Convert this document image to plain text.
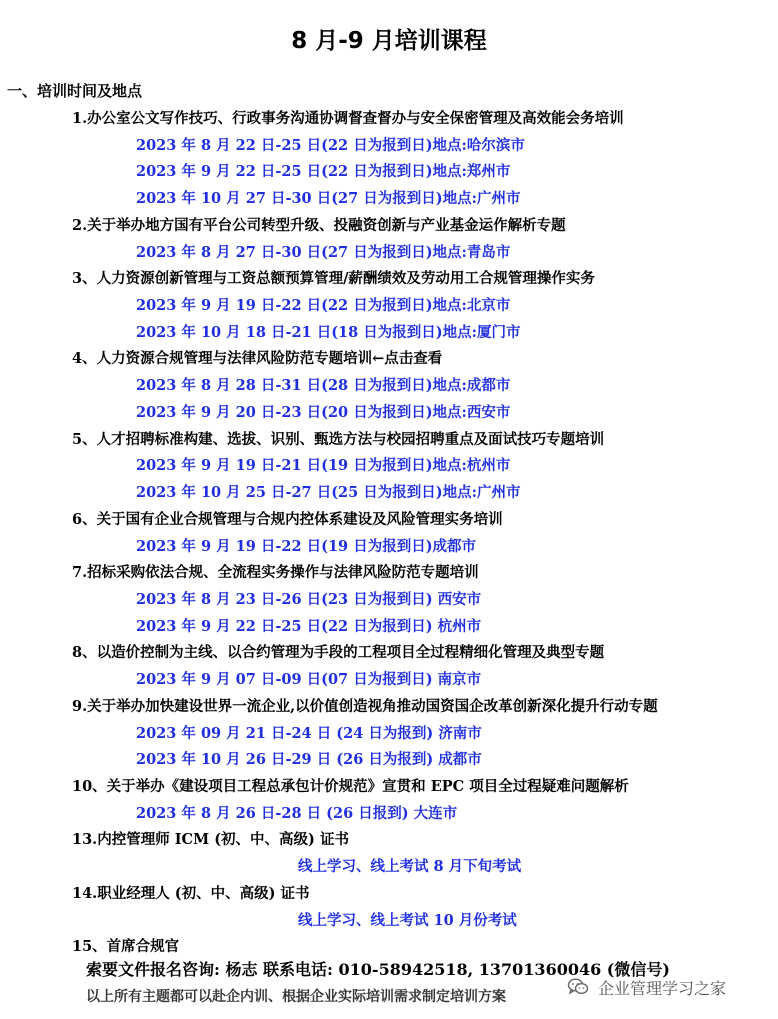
8 月-9 月培训课程
一、培训时间及地点
1.办公室公文写作技巧、行政事务沟通协调督查督办与安全保密管理及高效能会务培训
2023 年 8 月 22 日-25 日(22 日为报到日)地点:哈尔滨市
2023 年 9 月 22 日-25 日(22 日为报到日)地点:郑州市
2023 年 10 月 27 日-30 日(27 日为报到日)地点:广州市
2.关于举办地方国有平台公司转型升级、投融资创新与产业基金运作解析专题
2023 年 8 月 27 日-30 日(27 日为报到日)地点:青岛市
3、人力资源创新管理与工资总额预算管理/薪酬绩效及劳动用工合规管理操作实务
2023 年 9 月 19 日-22 日(22 日为报到日)地点:北京市
2023 年 10 月 18 日-21 日(18 日为报到日)地点:厦门市
4、人力资源合规管理与法律风险防范专题培训←点击查看
2023 年 8 月 28 日-31 日(28 日为报到日)地点:成都市
2023 年 9 月 20 日-23 日(20 日为报到日)地点:西安市
5、人才招聘标准构建、选拔、识别、甄选方法与校园招聘重点及面试技巧专题培训
2023 年 9 月 19 日-21 日(19 日为报到日)地点:杭州市
2023 年 10 月 25 日-27 日(25 日为报到日)地点:广州市
6、关于国有企业合规管理与合规内控体系建设及风险管理实务培训
2023 年 9 月 19 日-22 日(19 日为报到日)成都市
7.招标采购依法合规、全流程实务操作与法律风险防范专题培训
2023 年 8 月 23 日-26 日(23 日为报到日) 西安市
2023 年 9 月 22 日-25 日(22 日为报到日) 杭州市
8、以造价控制为主线、以合约管理为手段的工程项目全过程精细化管理及典型专题
2023 年 9 月 07 日-09 日(07 日为报到日) 南京市
9.关于举办加快建设世界一流企业,以价值创造视角推动国资国企改革创新深化提升行动专题
2023 年 09 月 21 日-24 日 (24 日为报到) 济南市
2023 年 10 月 26 日-29 日 (26 日为报到) 成都市
10、关于举办《建设项目工程总承包计价规范》宣贯和 EPC 项目全过程疑难问题解析
2023 年 8 月 26 日-28 日 (26 日报到) 大连市
13.内控管理师 ICM (初、中、高级) 证书
线上学习、线上考试 8 月下旬考试
14.职业经理人 (初、中、高级) 证书
线上学习、线上考试 10 月份考试
15、首席合规官
索要文件报名咨询: 杨志 联系电话: 010-58942518, 13701360046 (微信号)
以上所有主题都可以赴企内训、根据企业实际培训需求制定培训方案	企业管理学习之家
